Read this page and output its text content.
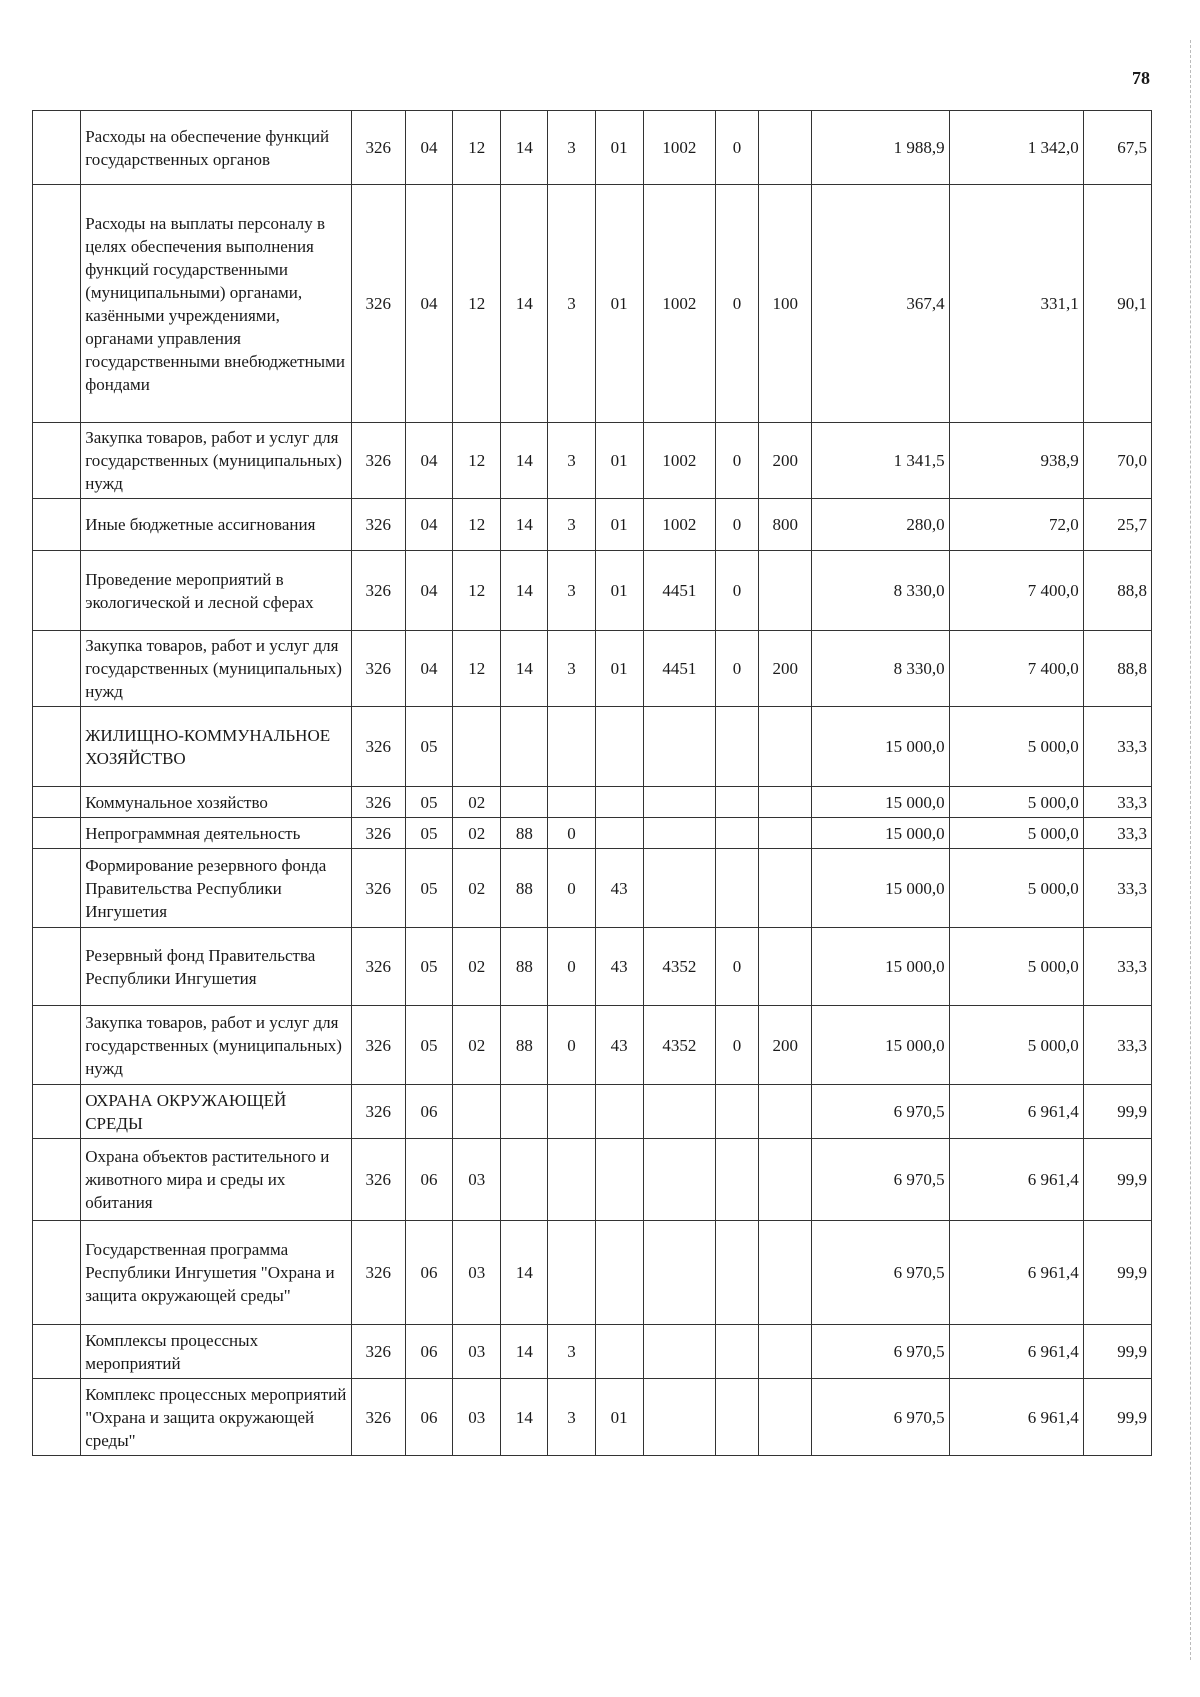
78
	Расходы на обеспечение функций государственных органов	326	04	12	14	3	01	1002	0		1 988,9	1 342,0	67,5
	Расходы на выплаты персоналу в целях обеспечения выполнения функций государственными (муниципальными) органами, казёнными учреждениями, органами управления государственными внебюджетными фондами	326	04	12	14	3	01	1002	0	100	367,4	331,1	90,1
	Закупка товаров, работ и услуг для государственных (муниципальных) нужд	326	04	12	14	3	01	1002	0	200	1 341,5	938,9	70,0
	Иные бюджетные ассигнования	326	04	12	14	3	01	1002	0	800	280,0	72,0	25,7
	Проведение мероприятий в экологической и лесной сферах	326	04	12	14	3	01	4451	0		8 330,0	7 400,0	88,8
	Закупка товаров, работ и услуг для государственных (муниципальных) нужд	326	04	12	14	3	01	4451	0	200	8 330,0	7 400,0	88,8
	ЖИЛИЩНО-КОММУНАЛЬНОЕ ХОЗЯЙСТВО	326	05								15 000,0	5 000,0	33,3
	Коммунальное хозяйство	326	05	02							15 000,0	5 000,0	33,3
	Непрограммная деятельность	326	05	02	88	0					15 000,0	5 000,0	33,3
	Формирование резервного фонда Правительства Республики Ингушетия	326	05	02	88	0	43				15 000,0	5 000,0	33,3
	Резервный фонд Правительства Республики Ингушетия	326	05	02	88	0	43	4352	0		15 000,0	5 000,0	33,3
	Закупка товаров, работ и услуг для государственных (муниципальных) нужд	326	05	02	88	0	43	4352	0	200	15 000,0	5 000,0	33,3
	ОХРАНА ОКРУЖАЮЩЕЙ СРЕДЫ	326	06								6 970,5	6 961,4	99,9
	Охрана объектов растительного и животного мира и среды их обитания	326	06	03							6 970,5	6 961,4	99,9
	Государственная программа Республики Ингушетия "Охрана и защита окружающей среды"	326	06	03	14						6 970,5	6 961,4	99,9
	Комплексы процессных мероприятий	326	06	03	14	3					6 970,5	6 961,4	99,9
	Комплекс процессных мероприятий "Охрана и защита окружающей среды"	326	06	03	14	3	01				6 970,5	6 961,4	99,9
